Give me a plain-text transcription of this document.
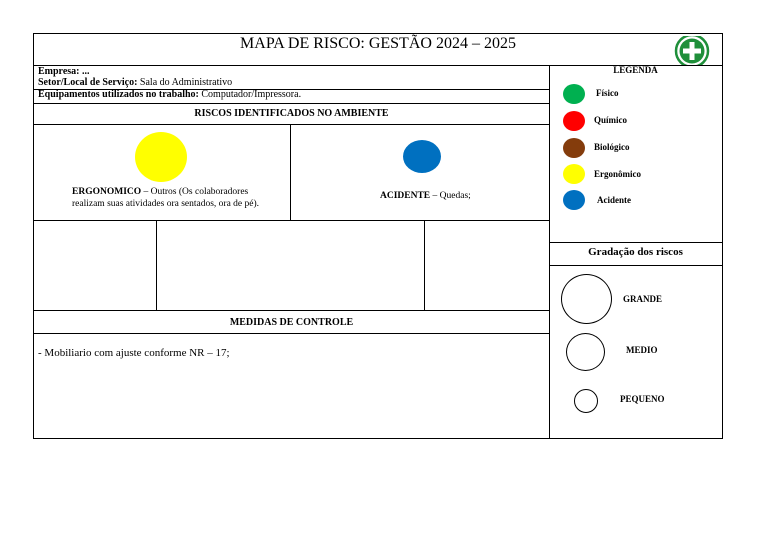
MAPA DE RISCO: GESTÃO 2024 – 2025
Empresa: ...
Setor/Local de Serviço: Sala do Administrativo
Equipamentos utilizados no trabalho: Computador/Impressora.
RISCOS IDENTIFICADOS NO AMBIENTE
ERGONOMICO – Outros (Os colaboradores
realizam suas atividades ora sentados, ora de pé).
ACIDENTE – Quedas;
MEDIDAS DE CONTROLE
- Mobiliario com ajuste conforme NR – 17;
LEGENDA
Físico
Químico
Biológico
Ergonômico
Acidente
Gradação dos riscos
GRANDE
MEDIO
PEQUENO
